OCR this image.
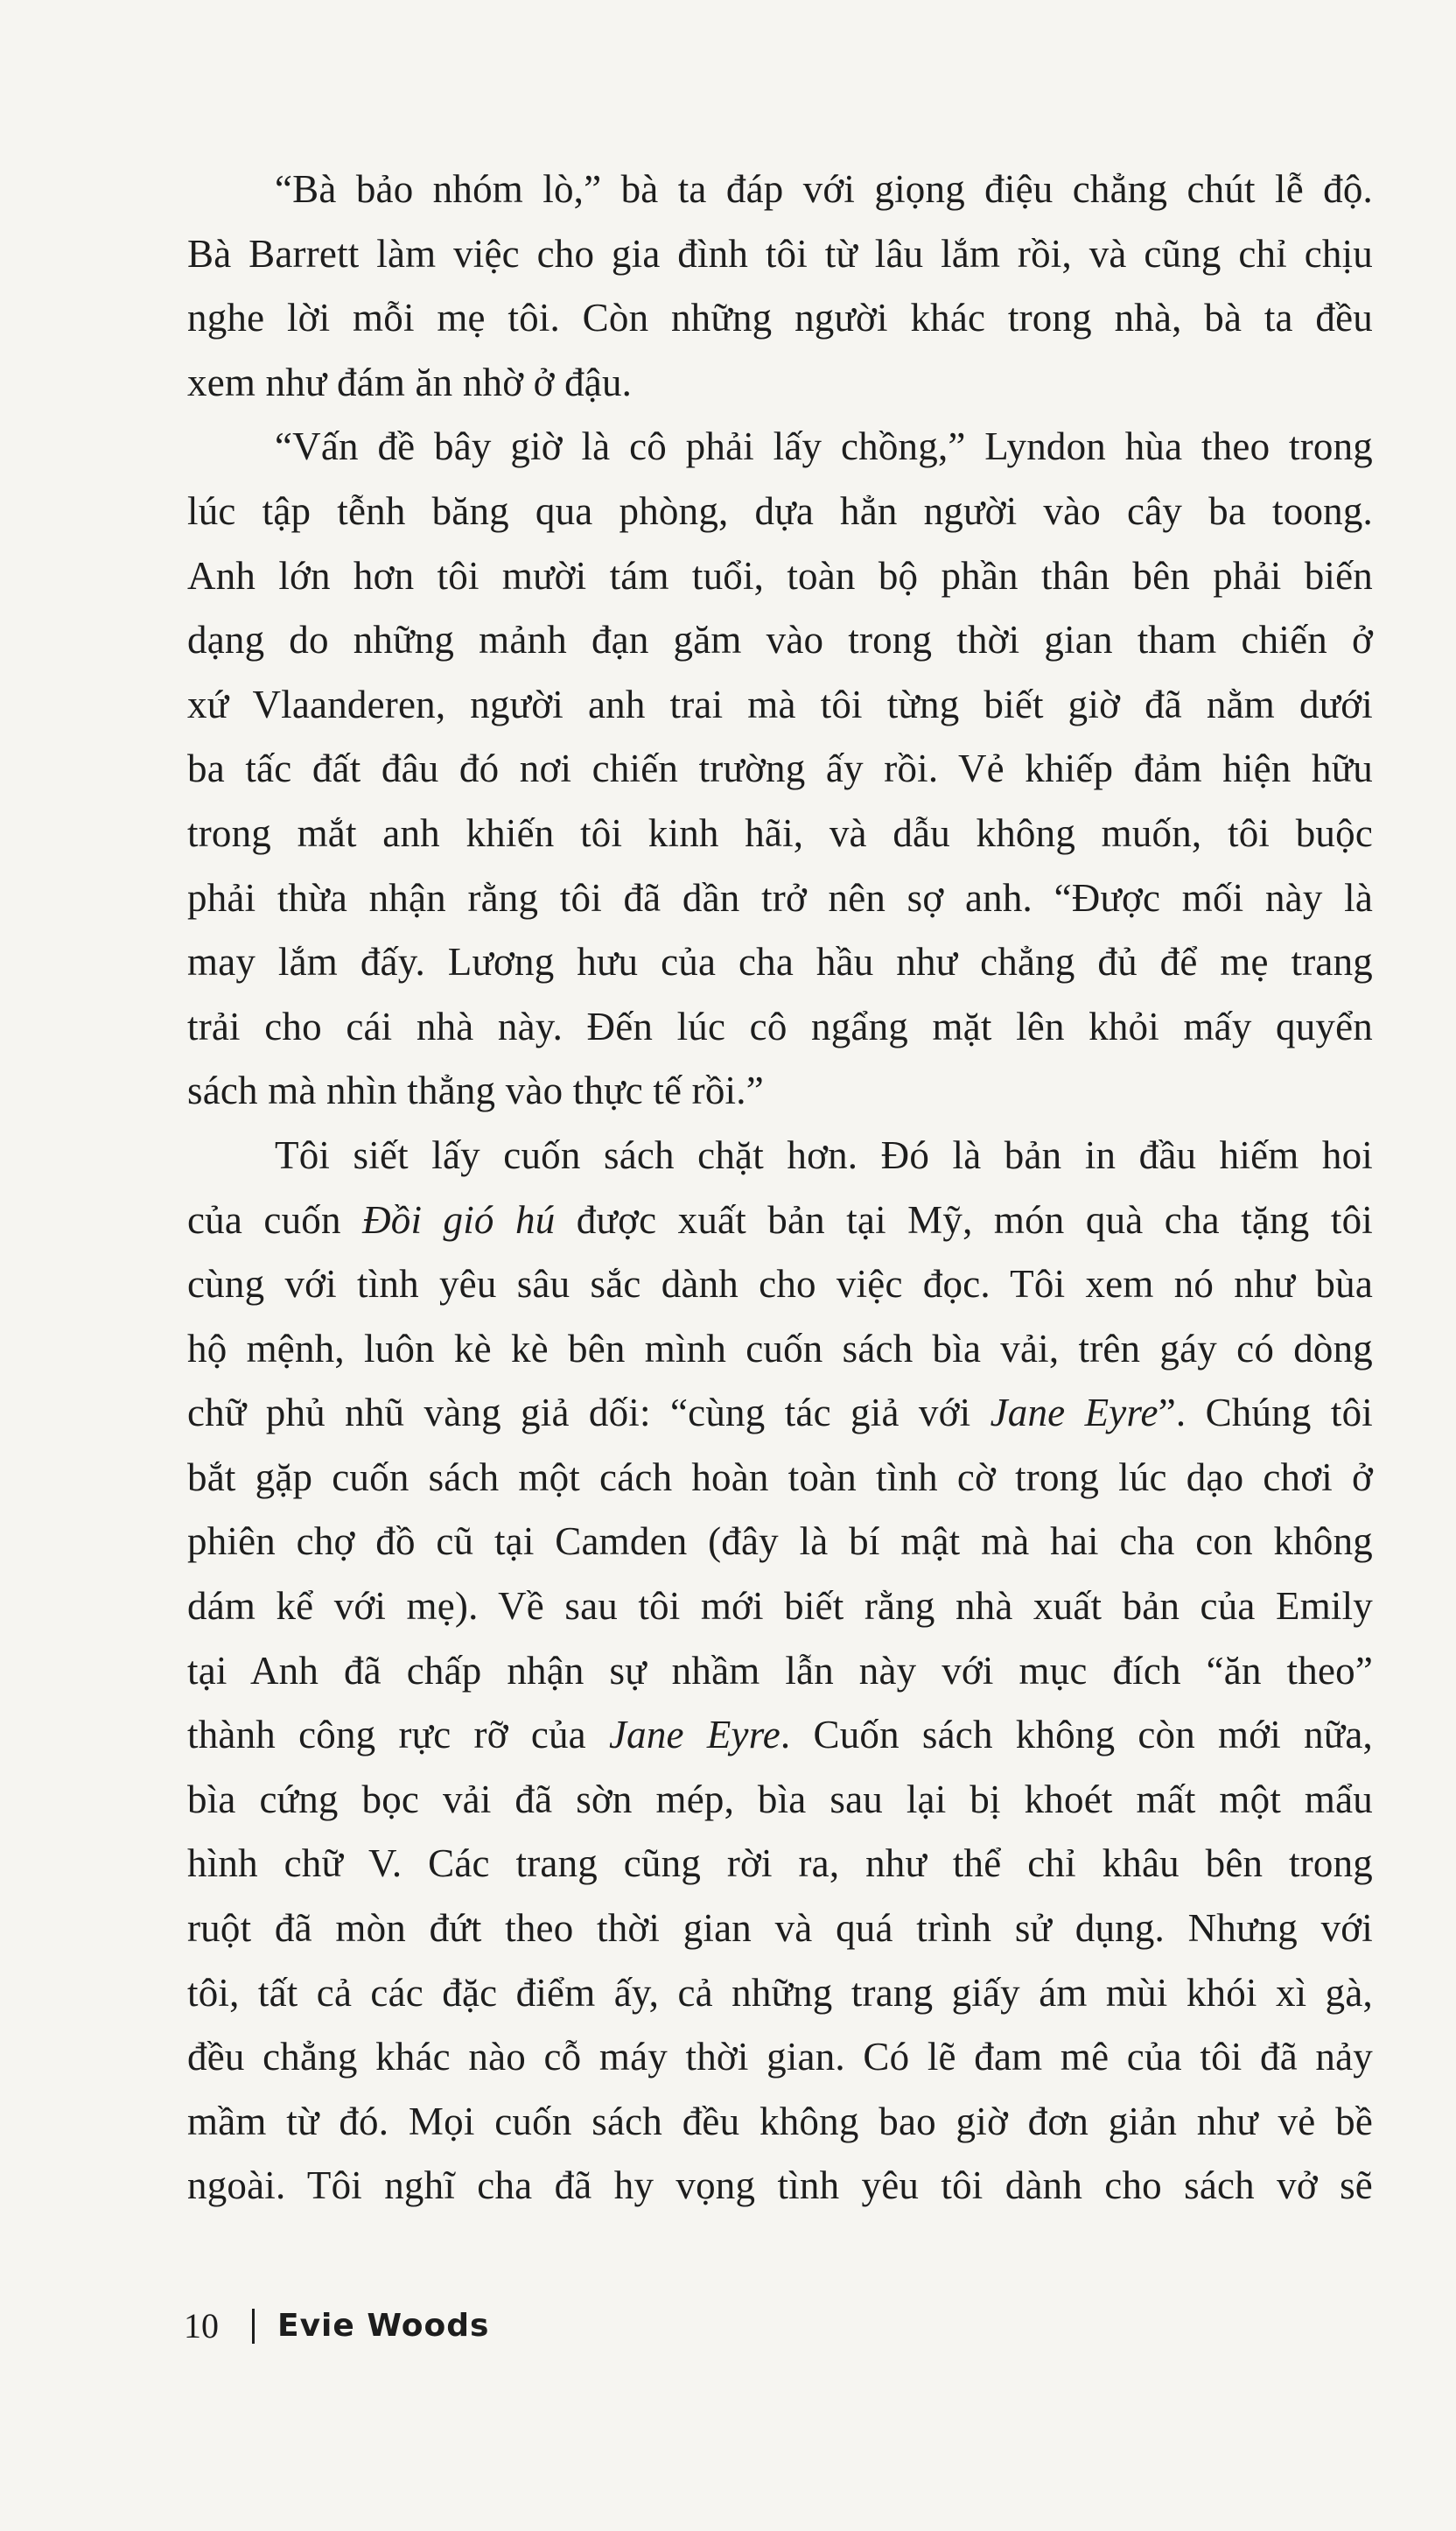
“Bà bảo nhóm lò,” bà ta đáp với giọng điệu chẳng chút lễ độ.
Bà Barrett làm việc cho gia đình tôi từ lâu lắm rồi, và cũng chỉ chịu
nghe lời mỗi mẹ tôi. Còn những người khác trong nhà, bà ta đều
xem như đám ăn nhờ ở đậu.
“Vấn đề bây giờ là cô phải lấy chồng,” Lyndon hùa theo trong
lúc tập tễnh băng qua phòng, dựa hẳn người vào cây ba toong.
Anh lớn hơn tôi mười tám tuổi, toàn bộ phần thân bên phải biến
dạng do những mảnh đạn găm vào trong thời gian tham chiến ở
xứ Vlaanderen, người anh trai mà tôi từng biết giờ đã nằm dưới
ba tấc đất đâu đó nơi chiến trường ấy rồi. Vẻ khiếp đảm hiện hữu
trong mắt anh khiến tôi kinh hãi, và dẫu không muốn, tôi buộc
phải thừa nhận rằng tôi đã dần trở nên sợ anh. “Được mối này là
may lắm đấy. Lương hưu của cha hầu như chẳng đủ để mẹ trang
trải cho cái nhà này. Đến lúc cô ngẩng mặt lên khỏi mấy quyển
sách mà nhìn thẳng vào thực tế rồi.”
Tôi siết lấy cuốn sách chặt hơn. Đó là bản in đầu hiếm hoi
của cuốn Đồi gió hú được xuất bản tại Mỹ, món quà cha tặng tôi
cùng với tình yêu sâu sắc dành cho việc đọc. Tôi xem nó như bùa
hộ mệnh, luôn kè kè bên mình cuốn sách bìa vải, trên gáy có dòng
chữ phủ nhũ vàng giả dối: “cùng tác giả với Jane Eyre”. Chúng tôi
bắt gặp cuốn sách một cách hoàn toàn tình cờ trong lúc dạo chơi ở
phiên chợ đồ cũ tại Camden (đây là bí mật mà hai cha con không
dám kể với mẹ). Về sau tôi mới biết rằng nhà xuất bản của Emily
tại Anh đã chấp nhận sự nhầm lẫn này với mục đích “ăn theo”
thành công rực rỡ của Jane Eyre. Cuốn sách không còn mới nữa,
bìa cứng bọc vải đã sờn mép, bìa sau lại bị khoét mất một mẩu
hình chữ V. Các trang cũng rời ra, như thể chỉ khâu bên trong
ruột đã mòn đứt theo thời gian và quá trình sử dụng. Nhưng với
tôi, tất cả các đặc điểm ấy, cả những trang giấy ám mùi khói xì gà,
đều chẳng khác nào cỗ máy thời gian. Có lẽ đam mê của tôi đã nảy
mầm từ đó. Mọi cuốn sách đều không bao giờ đơn giản như vẻ bề
ngoài. Tôi nghĩ cha đã hy vọng tình yêu tôi dành cho sách vở sẽ
10 Evie Woods
